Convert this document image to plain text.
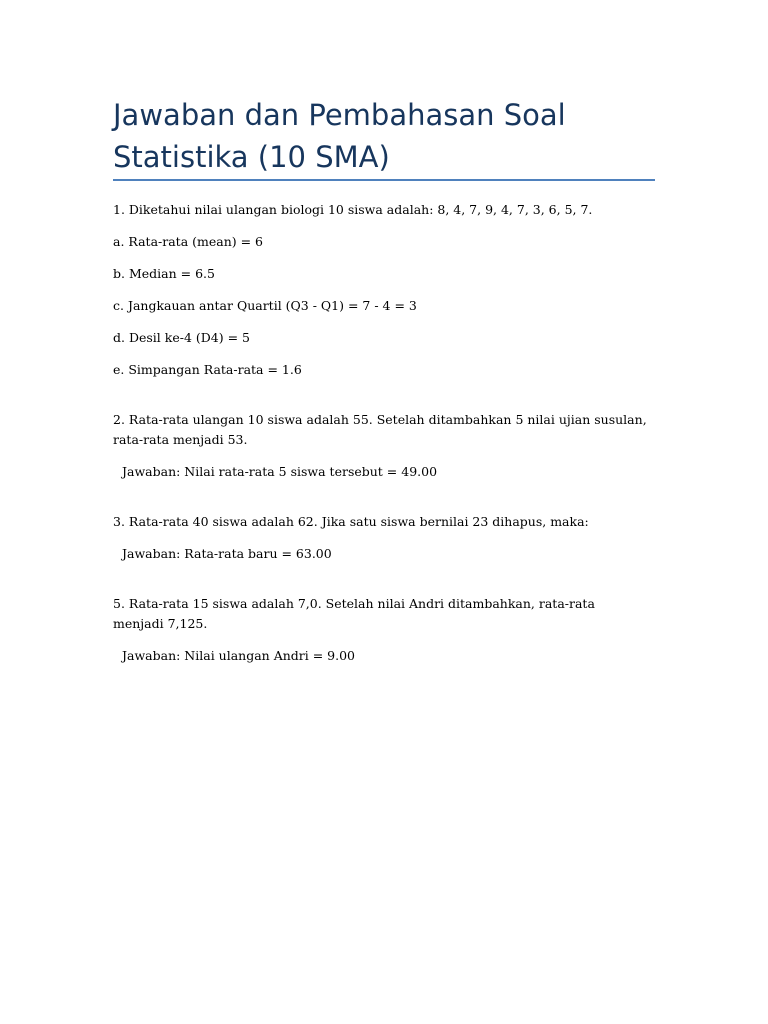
Jawaban dan Pembahasan Soal Statistika (10 SMA)

1. Diketahui nilai ulangan biologi 10 siswa adalah: 8, 4, 7, 9, 4, 7, 3, 6, 5, 7.

a. Rata-rata (mean) = 6

b. Median = 6.5

c. Jangkauan antar Quartil (Q3 - Q1) = 7 - 4 = 3

d. Desil ke-4 (D4) = 5

e. Simpangan Rata-rata = 1.6

2. Rata-rata ulangan 10 siswa adalah 55. Setelah ditambahkan 5 nilai ujian susulan, rata-rata menjadi 53.

Jawaban: Nilai rata-rata 5 siswa tersebut = 49.00

3. Rata-rata 40 siswa adalah 62. Jika satu siswa bernilai 23 dihapus, maka:

Jawaban: Rata-rata baru = 63.00

5. Rata-rata 15 siswa adalah 7,0. Setelah nilai Andri ditambahkan, rata-rata menjadi 7,125.

Jawaban: Nilai ulangan Andri = 9.00
